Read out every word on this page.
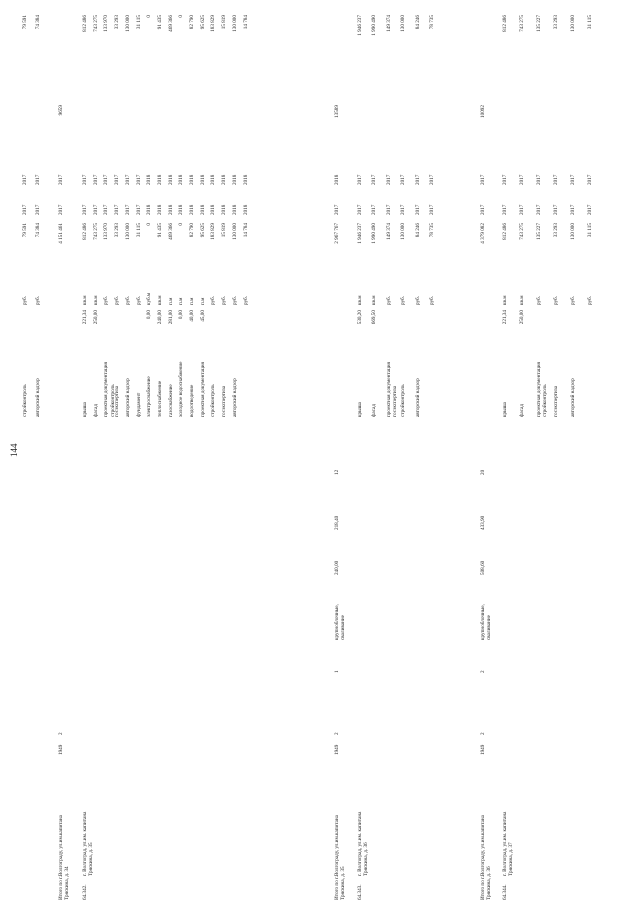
144
стройконтроль
руб.
79 591
2017
2017
79 591
авторский надзор
руб.
74 384
2017
2017
74 384
Итого по г.Волгограду, ул.им.капитана Тряскина, д. 34
1949
2
4 151 461
2017
2017
9659
64.342.
г. Волгоград, ул.им. капитана Тряскина, д. 35
крыша
221,34
кв.м
812 486
2017
2017
812 486
фасад
250,00
кв.м
743 275
2017
2017
743 275
проектная документация стройконтроль
руб.
133 970
2017
2017
133 970
госэкспертиза
руб.
33 293
2017
2017
33 293
авторский надзор
руб.
130 000
2017
2017
130 000
фундамент
руб.
31 115
2017
2017
31 115
электроснабжение
0,00
куб.м
0
2018
2018
0
теплоснабжение
240,00
кв.м
91 435
2018
2018
91 435
газоснабжение
281,00
п.м
469 366
2018
2018
469 366
холодное водоснабжение
0,00
п.м
0
2018
2018
0
водоотведение
40,00
п.м
82 790
2018
2018
82 790
проектная документация
45,00
п.м
95 625
2018
2018
95 625
стройконтроль
руб.
183 829
2018
2018
183 829
госэкспертиза
руб.
15 819
2018
2018
15 819
авторский надзор
руб.
130 000
2018
2018
130 000
руб.
14 784
2018
2018
14 784
Итого по г.Волгограду, ул.им.капитана Тряскина, д. 35
1949
2
1
крупноблочные, сваливание
240,00
218,40
12
2 967 767
2017
2018
13589
64.343.
г. Волгоград, ул.им. капитана Тряскина, д. 36
крыша
530,20
кв.м
1 946 237
2017
2017
1 946 237
фасад
669,50
кв.м
1 990 490
2017
2017
1 990 490
проектная документация госэкспертиза
руб.
149 374
2017
2017
149 374
стройконтроль
руб.
130 000
2017
2017
130 000
авторский надзор
руб.
84 246
2017
2017
84 246
руб.
78 735
2017
2017
78 735
Итого по г.Волгограду, ул.им.капитана Тряскина, д. 36
1949
2
2
крупноблочные, сваливание
508,60
433,90
20
4 379 082
2017
2017
10092
64.344.
г. Волгоград, ул.им. капитана Тряскина, д. 37
крыша
221,34
кв.м
812 486
2017
2017
812 486
фасад
250,00
кв.м
743 275
2017
2017
743 275
проектная документация стройконтроль
руб.
135 227
2017
2017
135 227
госэкспертиза
руб.
33 293
2017
2017
33 293
авторский надзор
руб.
130 000
2017
2017
130 000
руб.
31 115
2017
2017
31 115
